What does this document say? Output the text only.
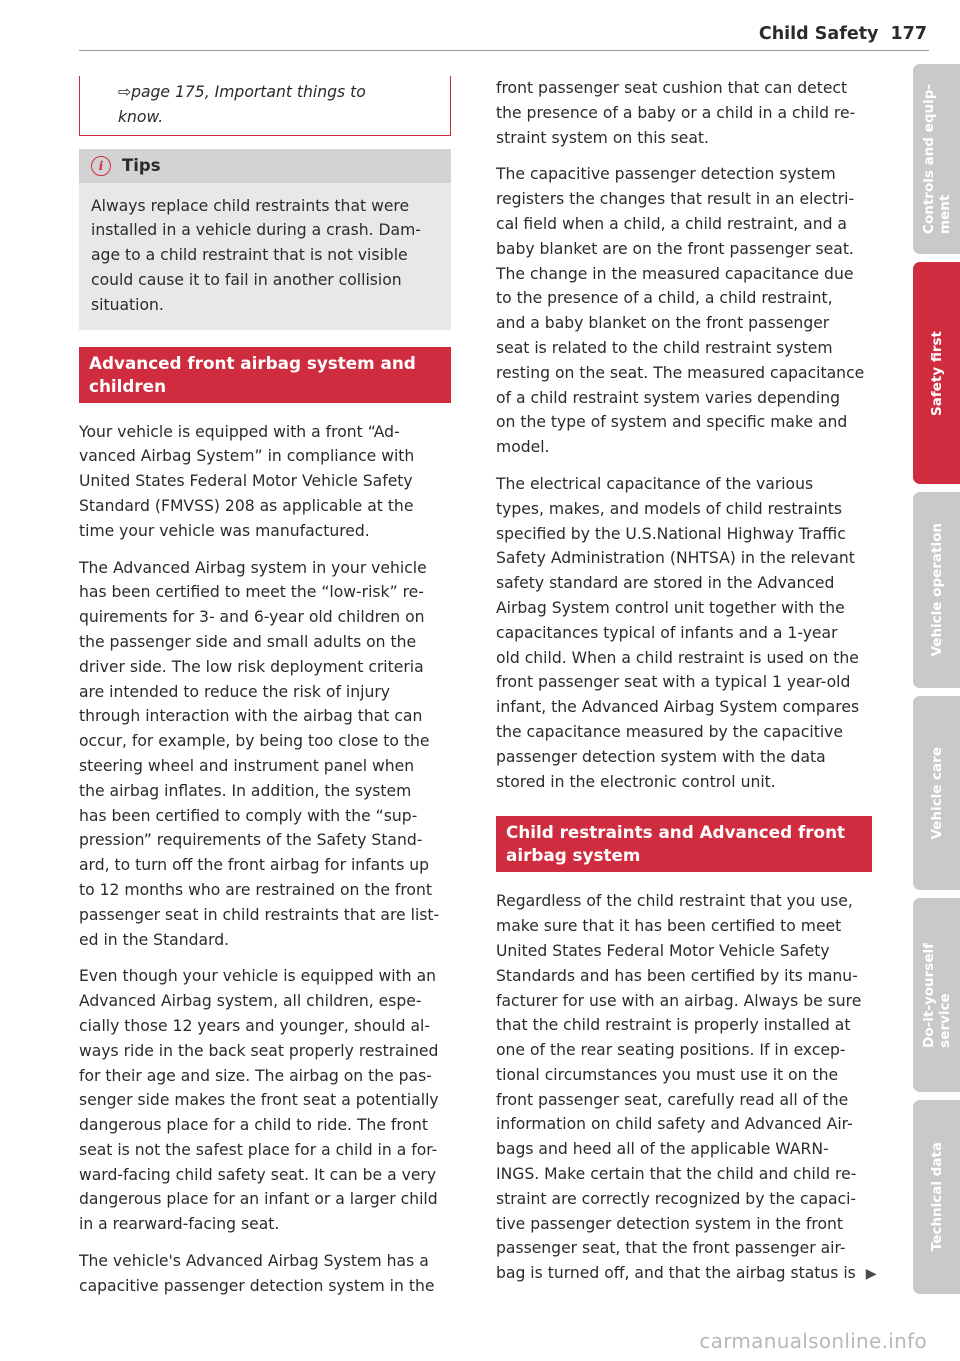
Child Safety 177
⇨page 175, Important things to
know.
i	Tips
Always replace child restraints that were
installed in a vehicle during a crash. Dam-
age to a child restraint that is not visible
could cause it to fail in another collision
situation.
Advanced front airbag system and
children
Your vehicle is equipped with a front “Ad-
vanced Airbag System” in compliance with
United States Federal Motor Vehicle Safety
Standard (FMVSS) 208 as applicable at the
time your vehicle was manufactured.
The Advanced Airbag system in your vehicle
has been certified to meet the “low-risk” re-
quirements for 3- and 6-year old children on
the passenger side and small adults on the
driver side. The low risk deployment criteria
are intended to reduce the risk of injury
through interaction with the airbag that can
occur, for example, by being too close to the
steering wheel and instrument panel when
the airbag inflates. In addition, the system
has been certified to comply with the “sup-
pression” requirements of the Safety Stand-
ard, to turn off the front airbag for infants up
to 12 months who are restrained on the front
passenger seat in child restraints that are list-
ed in the Standard.
Even though your vehicle is equipped with an
Advanced Airbag system, all children, espe-
cially those 12 years and younger, should al-
ways ride in the back seat properly restrained
for their age and size. The airbag on the pas-
senger side makes the front seat a potentially
dangerous place for a child to ride. The front
seat is not the safest place for a child in a for-
ward-facing child safety seat. It can be a very
dangerous place for an infant or a larger child
in a rearward-facing seat.
The vehicle's Advanced Airbag System has a
capacitive passenger detection system in the
front passenger seat cushion that can detect
the presence of a baby or a child in a child re-
straint system on this seat.
The capacitive passenger detection system
registers the changes that result in an electri-
cal field when a child, a child restraint, and a
baby blanket are on the front passenger seat.
The change in the measured capacitance due
to the presence of a child, a child restraint,
and a baby blanket on the front passenger
seat is related to the child restraint system
resting on the seat. The measured capacitance
of a child restraint system varies depending
on the type of system and specific make and
model.
The electrical capacitance of the various
types, makes, and models of child restraints
specified by the U.S.National Highway Traffic
Safety Administration (NHTSA) in the relevant
safety standard are stored in the Advanced
Airbag System control unit together with the
capacitances typical of infants and a 1-year
old child. When a child restraint is used on the
front passenger seat with a typical 1 year-old
infant, the Advanced Airbag System compares
the capacitance measured by the capacitive
passenger detection system with the data
stored in the electronic control unit.
Child restraints and Advanced front
airbag system
Regardless of the child restraint that you use,
make sure that it has been certified to meet
United States Federal Motor Vehicle Safety
Standards and has been certified by its manu-
facturer for use with an airbag. Always be sure
that the child restraint is properly installed at
one of the rear seating positions. If in excep-
tional circumstances you must use it on the
front passenger seat, carefully read all of the
information on child safety and Advanced Air-
bags and heed all of the applicable WARN-
INGS. Make certain that the child and child re-
straint are correctly recognized by the capaci-
tive passenger detection system in the front
passenger seat, that the front passenger air-
bag is turned off, and that the airbag status is ▶
Controls and equip- ment
Safety first
Vehicle operation
Vehicle care
Do-it-yourself service
Technical data
carmanualsonline.info
